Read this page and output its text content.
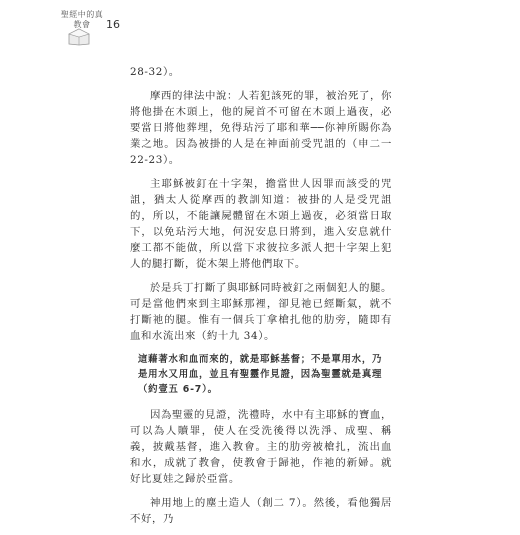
聖經中的真教會	16

28-32）。

摩西的律法中說：人若犯該死的罪，被治死了，你將他掛在木頭上，他的屍首不可留在木頭上過夜，必要當日將他葬埋，免得玷污了耶和華──你神所賜你為業之地。因為被掛的人是在神面前受咒詛的（申二一 22-23）。

主耶穌被釘在十字架，擔當世人因罪而該受的咒詛，猶太人從摩西的教訓知道：被掛的人是受咒詛的，所以，不能讓屍體留在木頭上過夜，必須當日取下，以免玷污大地，何況安息日將到，進入安息就什麼工都不能做，所以當下求彼拉多派人把十字架上犯人的腿打斷，從木架上將他們取下。

於是兵丁打斷了與耶穌同時被釘之兩個犯人的腿。可是當他們來到主耶穌那裡，卻見祂已經斷氣，就不打斷祂的腿。惟有一個兵丁拿槍扎他的肋旁，隨即有血和水流出來（約十九 34）。

這藉著水和血而來的，就是耶穌基督；不是單用水，乃是用水又用血，並且有聖靈作見證，因為聖靈就是真理（約壹五 6-7）。

因為聖靈的見證，洗禮時，水中有主耶穌的寶血，可以為人贖罪，使人在受洗後得以洗淨、成聖、稱義，披戴基督，進入教會。主的肋旁被槍扎，流出血和水，成就了教會，使教會于歸祂，作祂的新婦。就好比夏娃之歸於亞當。

神用地上的塵土造人（創二 7）。然後，看他獨居不好，乃
